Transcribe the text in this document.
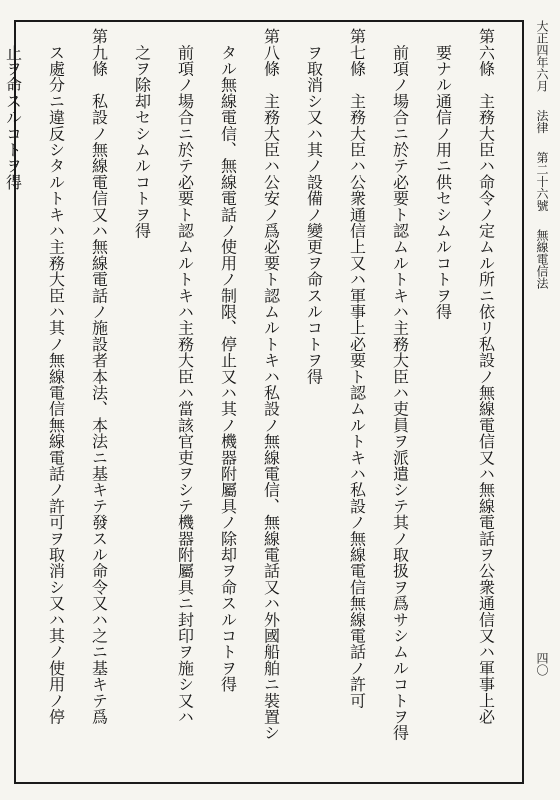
第六條　主務大臣ハ命令ノ定ムル所ニ依リ私設ノ無線電信又ハ無線電話ヲ公衆通信又ハ軍事上必

　要ナル通信ノ用ニ供セシムルコトヲ得

　前項ノ場合ニ於テ必要ト認ムルトキハ主務大臣ハ吏員ヲ派遣シテ其ノ取扱ヲ爲サシムルコトヲ得

第七條　主務大臣ハ公衆通信上又ハ軍事上必要ト認ムルトキハ私設ノ無線電信無線電話ノ許可

　ヲ取消シ又ハ其ノ設備ノ變更ヲ命スルコトヲ得

第八條　主務大臣ハ公安ノ爲必要ト認ムルトキハ私設ノ無線電信、無線電話又ハ外國船舶ニ裝置シ

　タル無線電信、無線電話ノ使用ノ制限、停止又ハ其ノ機器附屬具ノ除却ヲ命スルコトヲ得

　前項ノ場合ニ於テ必要ト認ムルトキハ主務大臣ハ當該官吏ヲシテ機器附屬具ニ封印ヲ施シ又ハ

　之ヲ除却セシムルコトヲ得

第九條　私設ノ無線電信又ハ無線電話ノ施設者本法、本法ニ基キテ發スル命令又ハ之ニ基キテ爲

　ス處分ニ違反シタルトキハ主務大臣ハ其ノ無線電信無線電話ノ許可ヲ取消シ又ハ其ノ使用ノ停

　止ヲ命スルコトヲ得	大正四年六月  法律  第二十六號  無線電信法
四〇
